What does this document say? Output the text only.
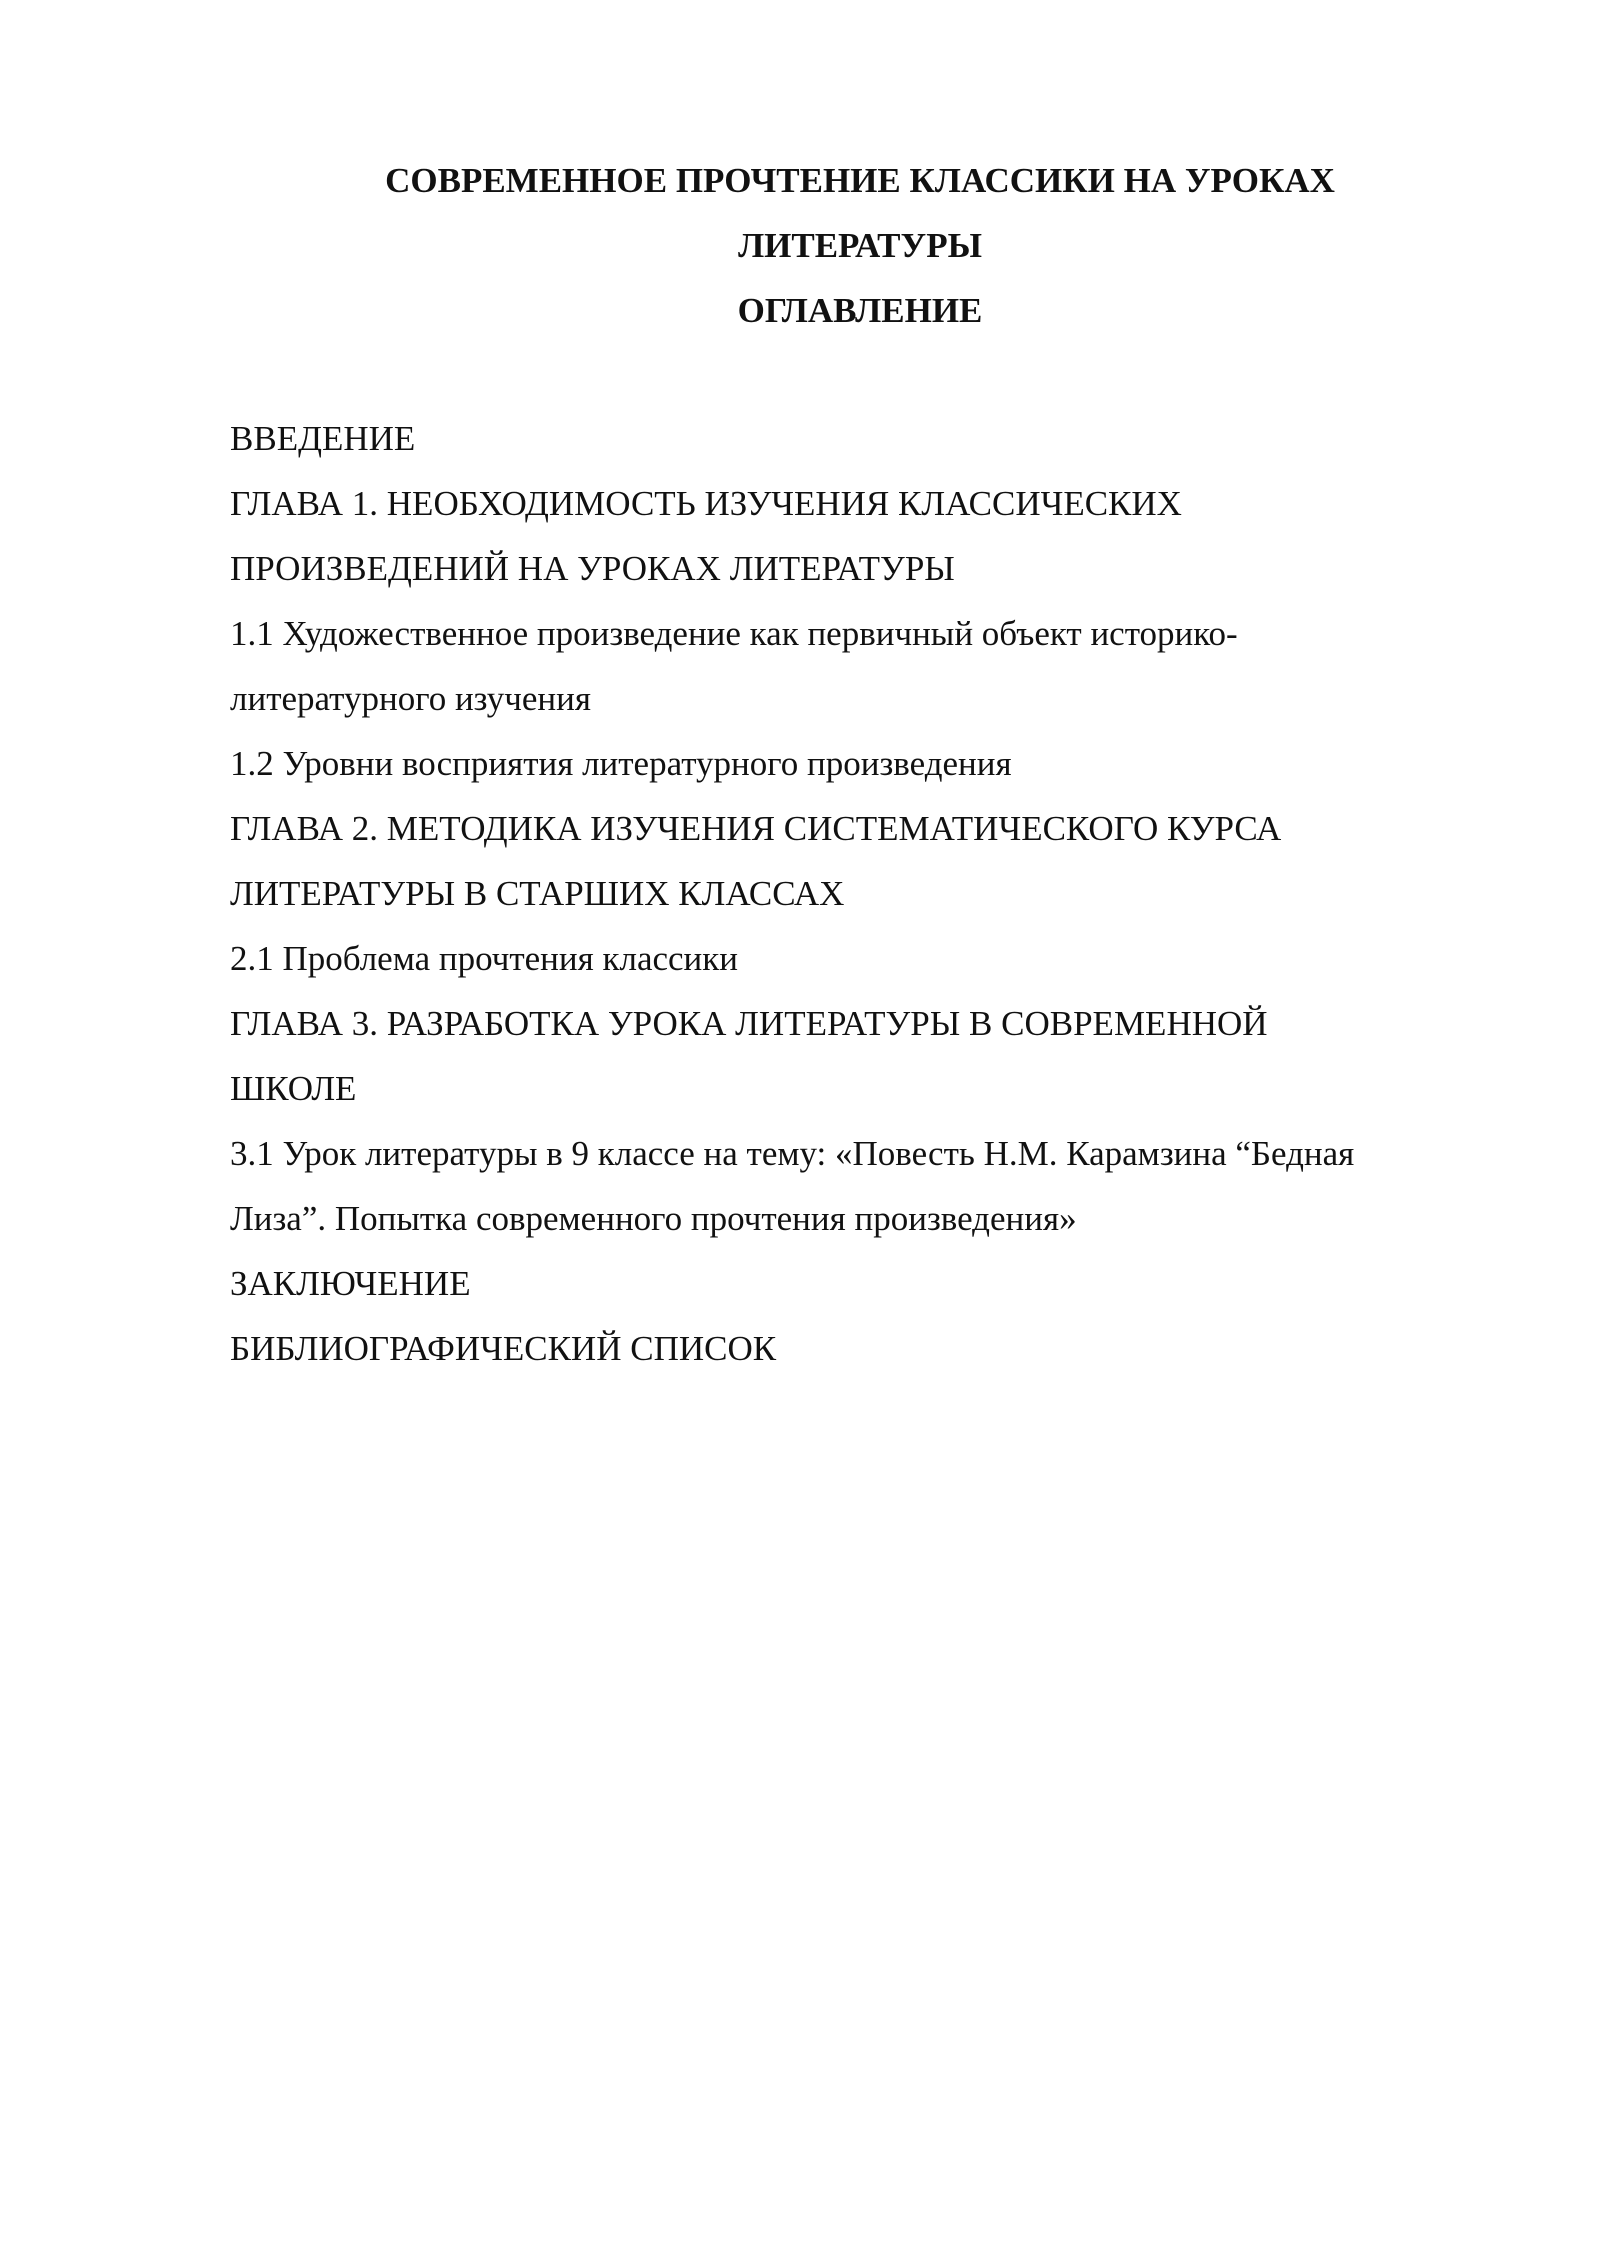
СОВРЕМЕННОЕ ПРОЧТЕНИЕ КЛАССИКИ НА УРОКАХ

ЛИТЕРАТУРЫ

ОГЛАВЛЕНИЕ

ВВЕДЕНИЕ
ГЛАВА 1. НЕОБХОДИМОСТЬ ИЗУЧЕНИЯ КЛАССИЧЕСКИХ
ПРОИЗВЕДЕНИЙ НА УРОКАХ ЛИТЕРАТУРЫ
1.1 Художественное произведение как первичный объект историко-
литературного изучения
1.2 Уровни восприятия литературного произведения
ГЛАВА 2. МЕТОДИКА ИЗУЧЕНИЯ СИСТЕМАТИЧЕСКОГО КУРСА
ЛИТЕРАТУРЫ В СТАРШИХ КЛАССАХ
2.1 Проблема прочтения классики
ГЛАВА 3. РАЗРАБОТКА УРОКА ЛИТЕРАТУРЫ В СОВРЕМЕННОЙ
ШКОЛЕ
3.1 Урок литературы в 9 классе на тему: «Повесть Н.М. Карамзина “Бедная
Лиза”. Попытка современного прочтения произведения»
ЗАКЛЮЧЕНИЕ
БИБЛИОГРАФИЧЕСКИЙ СПИСОК
